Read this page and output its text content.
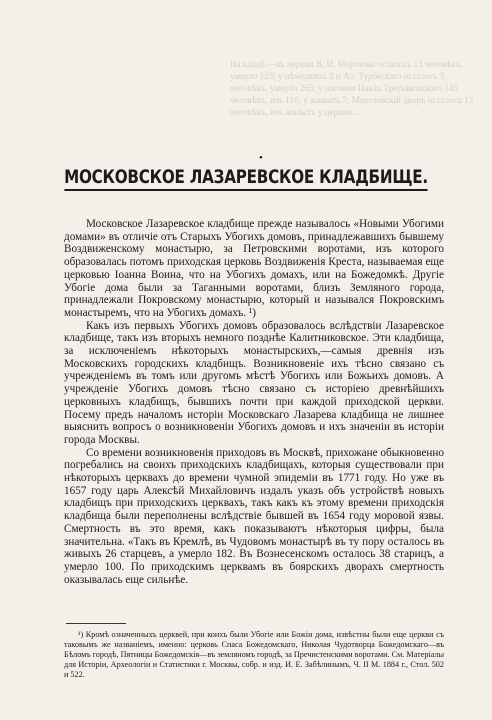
На кладб.—въ церкви В. И. Морозова осталось 13 человѣкъ, умерло 123; у нѣмецкихъ 2 и Ал. Турбескаго осталось 5 человѣкъ, умерло 265; у часовни Павла Третьяковскаго 145 человѣкъ, изъ 110; у живыхъ 7; Морозовскій дворъ осталось 13 человѣкъ, изъ жилыхъ у церкви...
•
МОСКОВСКОЕ ЛАЗАРЕВСКОЕ КЛАДБИЩЕ.

Московское Лазаревское кладбище прежде называлось «Новыми Убогими домами» въ отличіе отъ Старыхъ Убогихъ домовъ, принадлежавшихъ бывшему Воздвиженскому монастырю, за Петровскими воротами, изъ которого образовалась потомъ приходская церковь Воздвиженія Креста, называемая еще церковью Іоанна Воина, что на Убогихъ домахъ, или на Божедомкѣ. Другіе Убогіе дома были за Таганными воротами, близъ Земляного города, принадлежали Покровскому монастырю, который и назывался Покровскимъ монастыремъ, что на Убогихъ домахъ. ¹)

Какъ изъ первыхъ Убогихъ домовъ образовалось вслѣдствіи Лазаревское кладбище, такъ изъ вторыхъ немного позднѣе Калитниковское. Эти кладбища, за исключеніемъ нѣкоторыхъ монастырскихъ,—самыя древнія изъ Московскихъ городскихъ кладбищъ. Возникновеніе ихъ тѣсно связано съ учрежденіемъ въ томъ или другомъ мѣстѣ Убогихъ или Божьихъ домовъ. А учрежденіе Убогихъ домовъ тѣсно связано съ исторіею древнѣйшихъ церковныхъ кладбищъ, бывшихъ почти при каждой приходской церкви. Посему предъ началомъ исторіи Московскаго Лазарева кладбища не лишнее выяснить вопросъ о возникновеніи Убогихъ домовъ и ихъ значеніи въ исторіи города Москвы.

Со времени возникновенія приходовъ въ Москвѣ, прихожане обыкновенно погребались на своихъ приходскихъ кладбищахъ, которыя существовали при нѣкоторыхъ церквахъ до времени чумной эпидеміи въ 1771 году. Но уже въ 1657 году царь Алексѣй Михайловичъ издалъ указъ объ устройствѣ новыхъ кладбищъ при приходскихъ церквахъ, такъ какъ къ этому времени приходскія кладбища были переполнены вслѣдствіе бывшей въ 1654 году моровой язвы. Смертность въ это время, какъ показываютъ нѣкоторыя цифры, была значительна. «Такъ въ Кремлѣ, въ Чудовомъ монастырѣ въ ту пору осталось въ живыхъ 26 старцевъ, а умерло 182. Въ Вознесенскомъ осталось 38 старицъ, а умерло 100. По приходскимъ церквамъ въ боярскихъ дворахъ смертность оказывалась еще сильнѣе.

¹) Кромѣ означенныхъ церквей, при коихъ были Убогіе или Божіи дома, извѣстны были еще церкви съ таковымъ же названіемъ, именно: церковь Спаса Божедомскаго, Николая Чудотворца Божедомскаго—въ Бѣломъ городѣ, Пятницы Божедомскія—въ земляномъ городѣ, за Пречистенскими воротами. См. Матеріалы для Исторіи, Археологіи и Статистики г. Москвы, собр. и изд. И. Е. Забѣлинымъ, Ч. II М. 1884 г., Стол. 502 и 522.
